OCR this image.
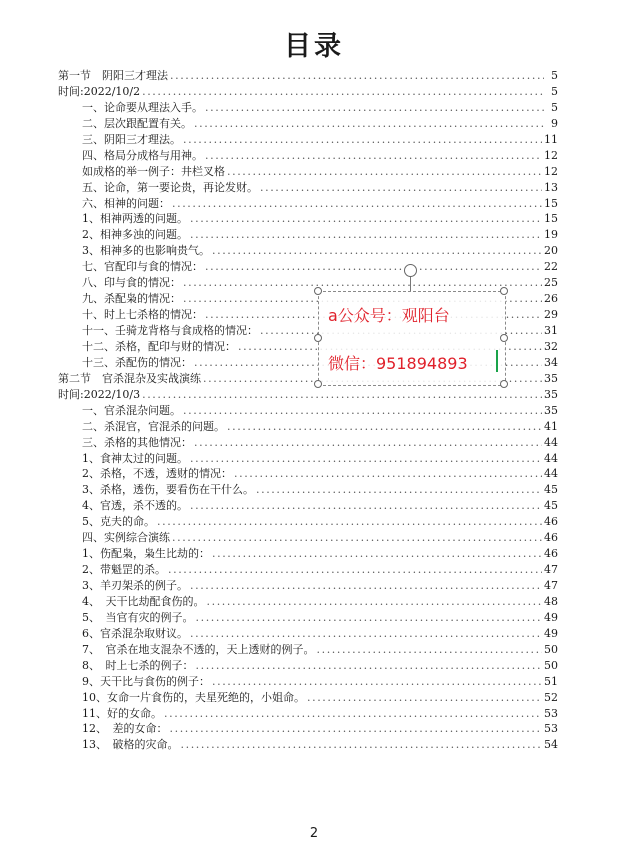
目录
第一节　阴阳三才理法 .....	5
时间:2022/10/2 .....	5
一、论命要从理法入手。 .....	5
二、层次跟配置有关。 .....	9
三、阴阳三才理法。 .....	11
四、格局分成格与用神。 .....	12
如成格的举一例子：井栏叉格 .....	12
五、论命，第一要论贵，再论发财。 .....	13
六、相神的问题： .....	15
1、相神两透的问题。 .....	15
2、相神多浊的问题。 .....	19
3、相神多的也影响贵气。 .....	20
七、官配印与食的情况： .....	22
八、印与食的情况： .....	25
九、杀配枭的情况： .....	26
十、时上七杀格的情况： .....	29
十一、壬骑龙背格与食成格的情况： .....	31
十二、杀格，配印与财的情况： .....	32
十三、杀配伤的情况： .....	34
第二节　官杀混杂及实战演练 .....	35
时间:2022/10/3 .....	35
一、官杀混杂问题。 .....	35
二、杀混官，官混杀的问题。 .....	41
三、杀格的其他情况： .....	44
1、食神太过的问题。 .....	44
2、杀格，不透，透财的情况： .....	44
3、杀格，透伤，要看伤在干什么。 .....	45
4、官透，杀不透的。 .....	45
5、克夫的命。 .....	46
四、实例综合演练 .....	46
1、伤配枭，枭生比劫的： .....	46
2、带魁罡的杀。 .....	47
3、羊刃架杀的例子。 .....	47
4、　天干比劫配食伤的。 .....	48
5、　当官有灾的例子。 .....	49
6、官杀混杂取财议。 .....	49
7、　官杀在地支混杂不透的，天上透财的例子。 .....	50
8、　时上七杀的例子： .....	50
9、天干比与食伤的例子： .....	51
10、女命一片食伤的，夫星死绝的，小姐命。 .....	52
11、好的女命。 .....	53
12、　差的女命： .....	53
13、　破格的灾命。 .....	54
a公众号：观阳台
微信：951894893
2
